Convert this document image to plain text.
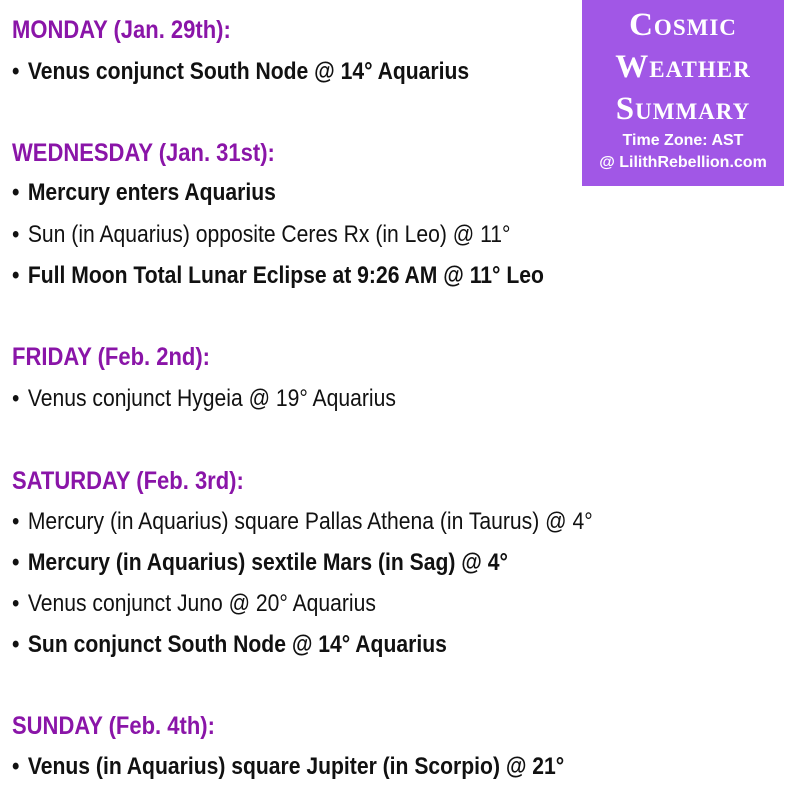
Cosmic
Weather
Summary
Time Zone: AST
@ LilithRebellion.com
MONDAY (Jan. 29th):
• Venus conjunct South Node @ 14° Aquarius
WEDNESDAY (Jan. 31st):
• Mercury enters Aquarius
• Sun (in Aquarius) opposite Ceres Rx (in Leo) @ 11°
• Full Moon Total Lunar Eclipse at 9:26 AM @ 11° Leo
FRIDAY (Feb. 2nd):
• Venus conjunct Hygeia @ 19° Aquarius
SATURDAY (Feb. 3rd):
• Mercury (in Aquarius) square Pallas Athena (in Taurus) @ 4°
• Mercury (in Aquarius) sextile Mars (in Sag) @ 4°
• Venus conjunct Juno @ 20° Aquarius
• Sun conjunct South Node @ 14° Aquarius
SUNDAY (Feb. 4th):
• Venus (in Aquarius) square Jupiter (in Scorpio) @ 21°
